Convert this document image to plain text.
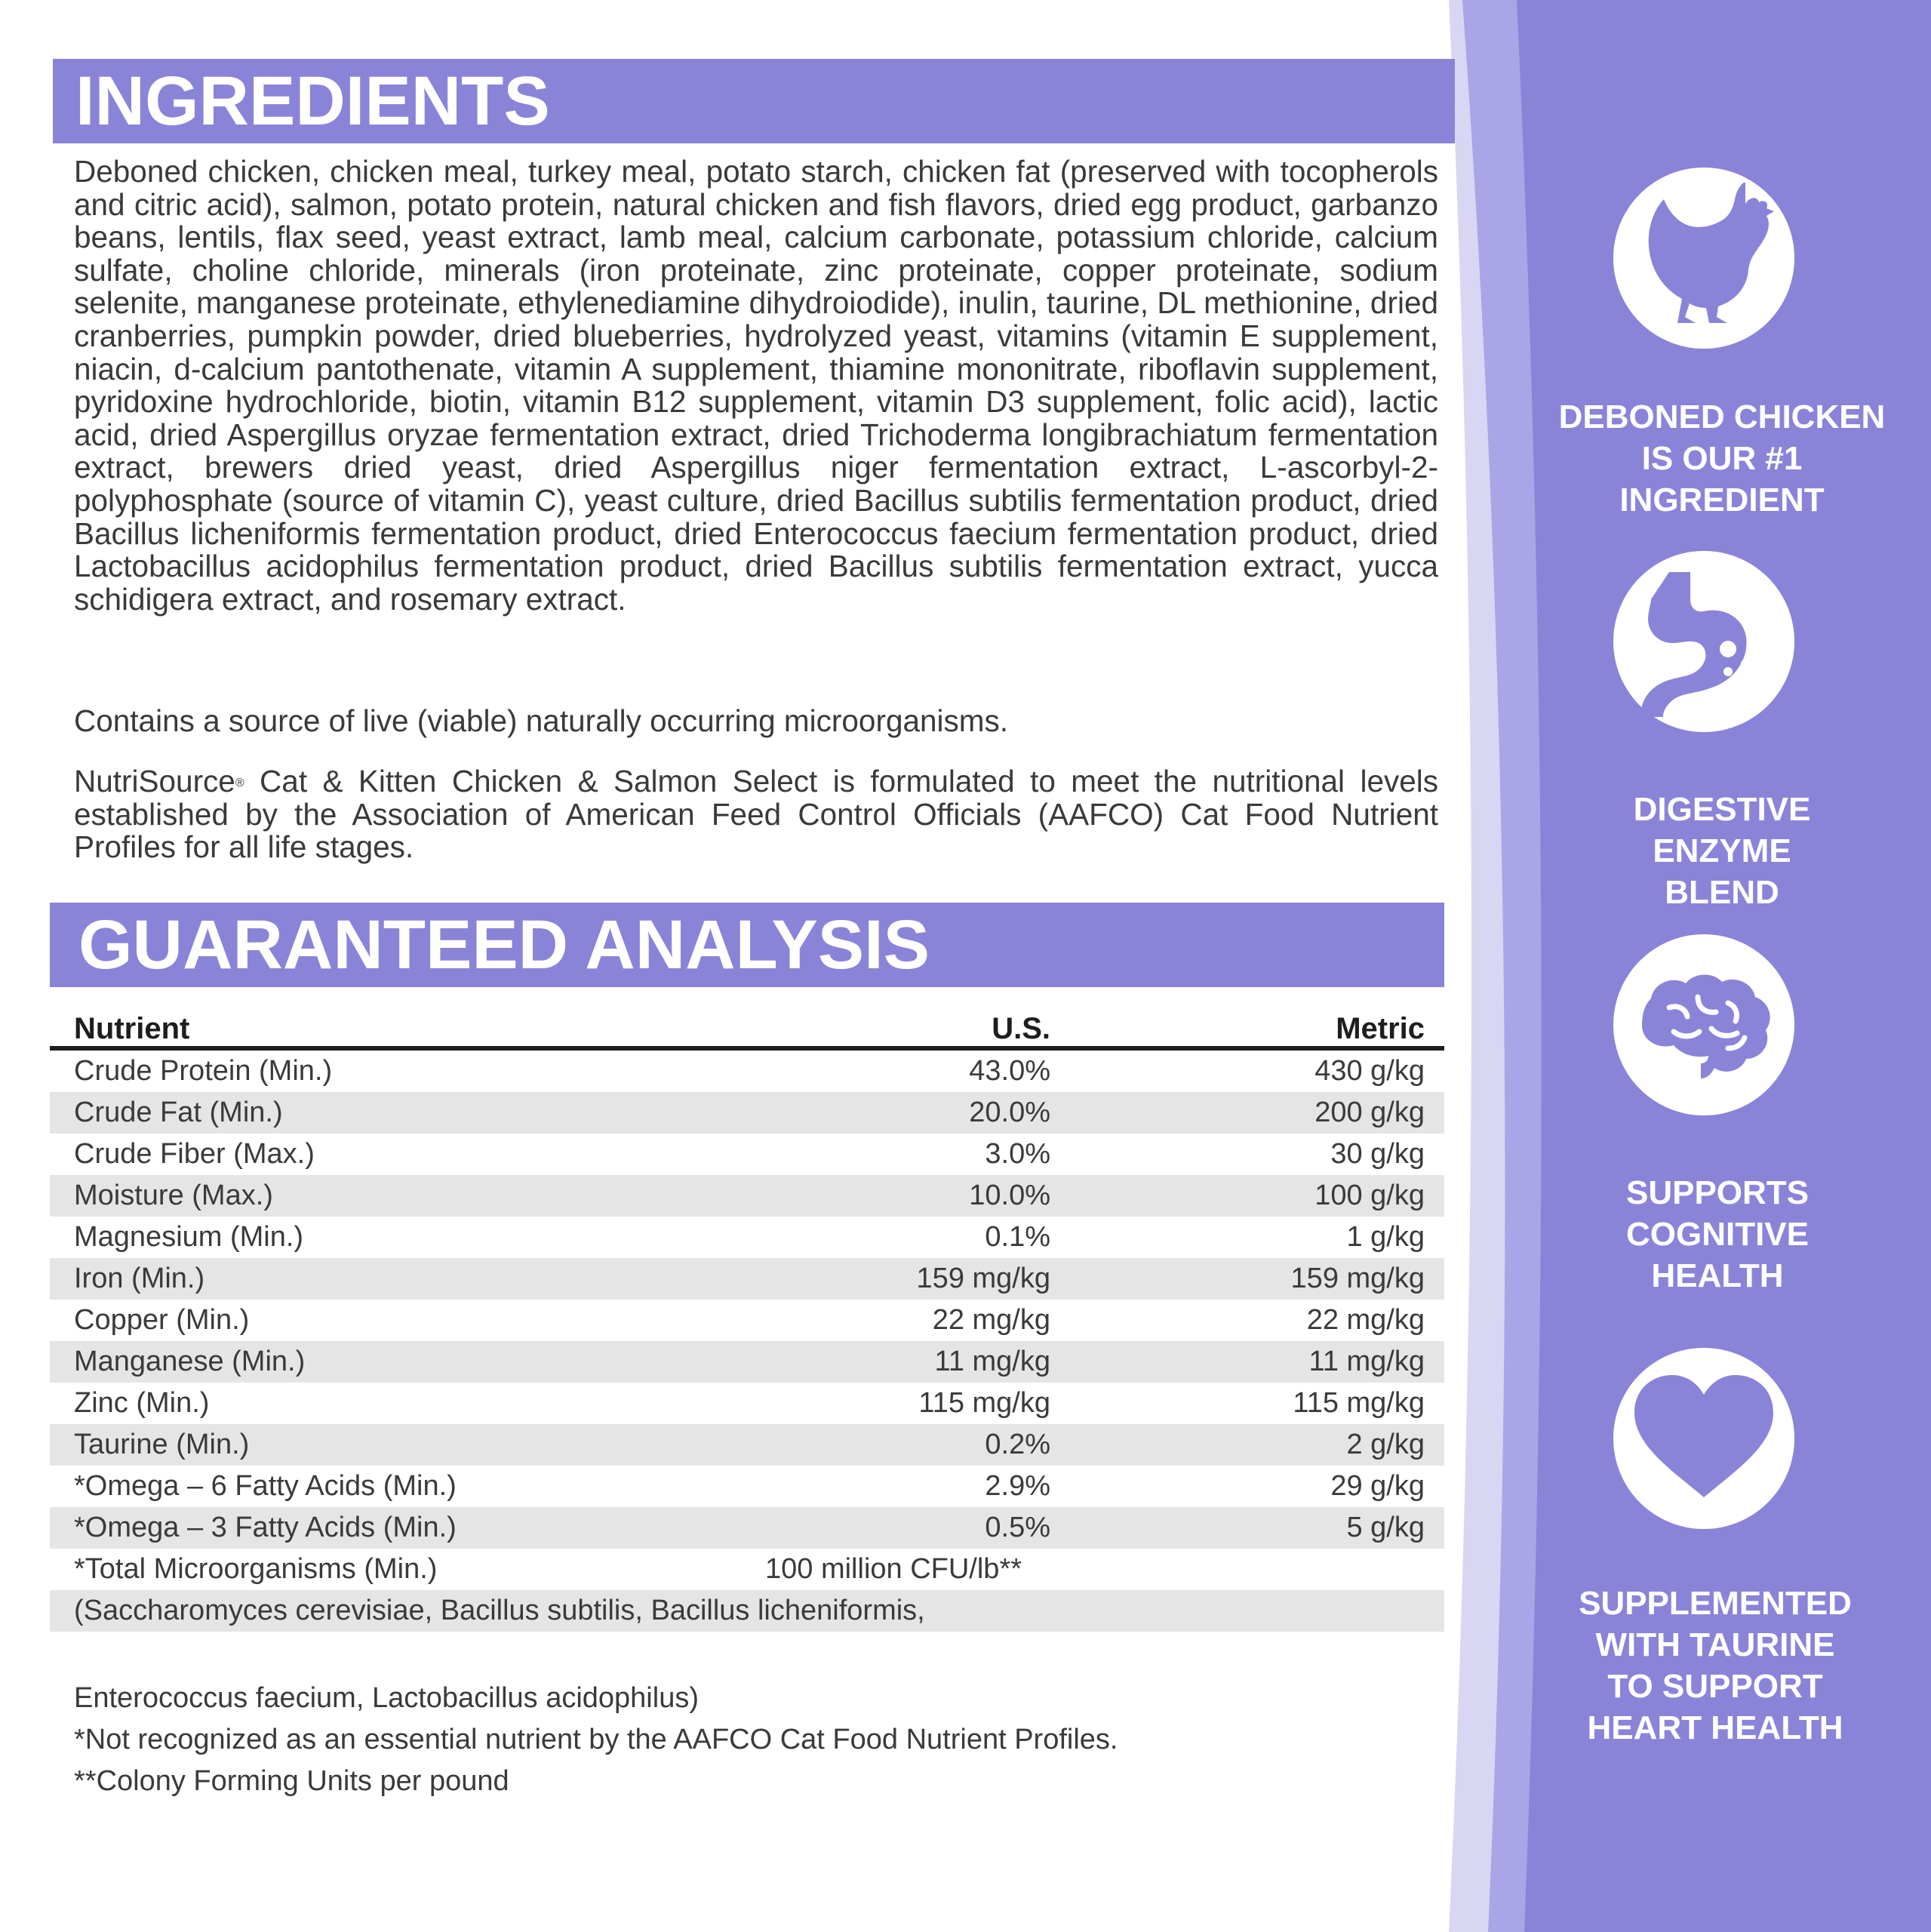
INGREDIENTS
Deboned chicken, chicken meal, turkey meal, potato starch, chicken fat (preserved with tocopherols and citric acid), salmon, potato protein, natural chicken and fish flavors, dried egg product, garbanzo beans, lentils, flax seed, yeast extract, lamb meal, calcium carbonate, potassium chloride, calcium sulfate, choline chloride, minerals (iron proteinate, zinc proteinate, copper proteinate, sodium selenite, manganese proteinate, ethylenediamine dihydroiodide), inulin, taurine, DL methionine, dried cranberries, pumpkin powder, dried blueberries, hydrolyzed yeast, vitamins (vitamin E supplement, niacin, d-calcium pantothenate, vitamin A supplement, thiamine mononitrate, riboflavin supplement, pyridoxine hydrochloride, biotin, vitamin B12 supplement, vitamin D3 supplement, folic acid), lactic acid, dried Aspergillus oryzae fermentation extract, dried Trichoderma longibrachiatum fermentation extract, brewers dried yeast, dried Aspergillus niger fermentation extract, L-ascorbyl-2-polyphosphate (source of vitamin C), yeast culture, dried Bacillus subtilis fermentation product, dried Bacillus licheniformis fermentation product, dried Enterococcus faecium fermentation product, dried Lactobacillus acidophilus fermentation product, dried Bacillus subtilis fermentation extract, yucca schidigera extract, and rosemary extract.
Contains a source of live (viable) naturally occurring microorganisms.
NutriSource® Cat & Kitten Chicken & Salmon Select is formulated to meet the nutritional levels established by the Association of American Feed Control Officials (AAFCO) Cat Food Nutrient Profiles for all life stages.
GUARANTEED ANALYSIS
Nutrient	U.S.	Metric
Crude Protein (Min.)	43.0%	430 g/kg
Crude Fat (Min.)	20.0%	200 g/kg
Crude Fiber (Max.)	3.0%	30 g/kg
Moisture (Max.)	10.0%	100 g/kg
Magnesium (Min.)	0.1%	1 g/kg
Iron (Min.)	159 mg/kg	159 mg/kg
Copper (Min.)	22 mg/kg	22 mg/kg
Manganese (Min.)	11 mg/kg	11 mg/kg
Zinc (Min.)	115 mg/kg	115 mg/kg
Taurine (Min.)	0.2%	2 g/kg
*Omega – 6 Fatty Acids (Min.)	2.9%	29 g/kg
*Omega – 3 Fatty Acids (Min.)	0.5%	5 g/kg
*Total Microorganisms (Min.)	100 million CFU/lb**	
(Saccharomyces cerevisiae, Bacillus subtilis, Bacillus licheniformis,		
Enterococcus faecium, Lactobacillus acidophilus)
*Not recognized as an essential nutrient by the AAFCO Cat Food Nutrient Profiles.
**Colony Forming Units per pound
DEBONED CHICKEN
IS OUR #1
INGREDIENT
DIGESTIVE
ENZYME
BLEND
SUPPORTS
COGNITIVE
HEALTH
SUPPLEMENTED
WITH TAURINE
TO SUPPORT
HEART HEALTH
